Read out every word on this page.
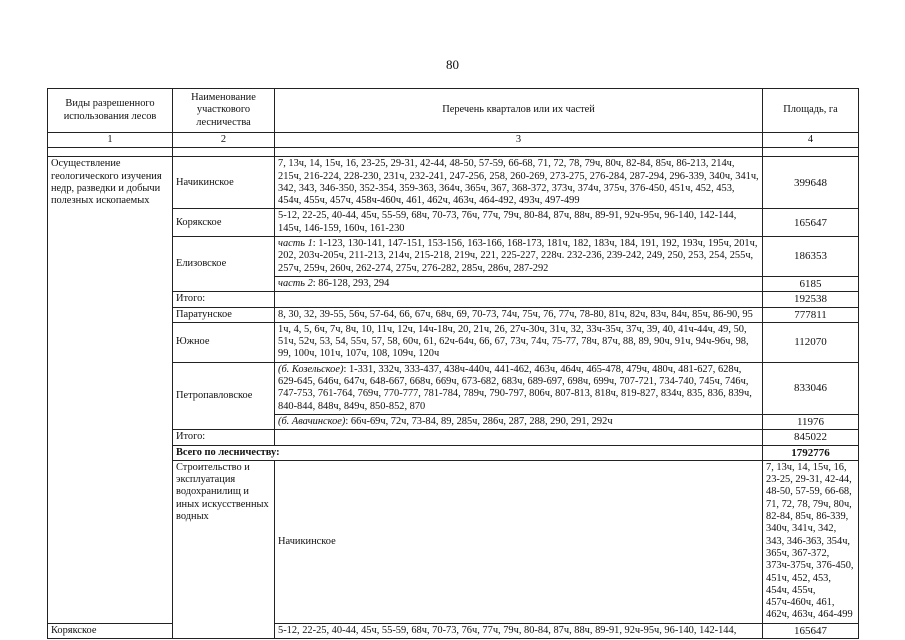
80
Виды разрешенного использования лесов	Наименование участкового лесничества	Перечень кварталов или их частей	Площадь, га	
1	2	3	4	

Осуществление геологического изучения недр, разведки и добычи полезных ископаемых	Начикинское	7, 13ч, 14, 15ч, 16, 23-25, 29-31, 42-44, 48-50, 57-59, 66-68, 71, 72, 78, 79ч, 80ч, 82-84, 85ч, 86-213, 214ч, 215ч, 216-224, 228-230, 231ч, 232-241, 247-256, 258, 260-269, 273-275, 276-284, 287-294, 296-339, 340ч, 341ч, 342, 343, 346-350, 352-354, 359-363, 364ч, 365ч, 367, 368-372, 373ч, 374ч, 375ч, 376-450, 451ч, 452, 453, 454ч, 455ч, 457ч, 458ч-460ч, 461, 462ч, 463ч, 464-492, 493ч, 497-499	399648	
	Корякское	5-12, 22-25, 40-44, 45ч, 55-59, 68ч, 70-73, 76ч, 77ч, 79ч, 80-84, 87ч, 88ч, 89-91, 92ч-95ч, 96-140, 142-144, 145ч, 146-159, 160ч, 161-230	165647	
	Елизовское	часть 1: 1-123, 130-141, 147-151, 153-156, 163-166, 168-173, 181ч, 182, 183ч, 184, 191, 192, 193ч, 195ч, 201ч, 202, 203ч-205ч, 211-213, 214ч, 215-218, 219ч, 221, 225-227, 228ч. 232-236, 239-242, 249, 250, 253, 254, 255ч, 257ч, 259ч, 260ч, 262-274, 275ч, 276-282, 285ч, 286ч, 287-292	186353	
		часть 2: 86-128, 293, 294	6185	
	Итого:		192538	
	Паратунское	8, 30, 32, 39-55, 56ч, 57-64, 66, 67ч, 68ч, 69, 70-73, 74ч, 75ч, 76, 77ч, 78-80, 81ч, 82ч, 83ч, 84ч, 85ч, 86-90, 95	777811	
	Южное	1ч, 4, 5, 6ч, 7ч, 8ч, 10, 11ч, 12ч, 14ч-18ч, 20, 21ч, 26, 27ч-30ч, 31ч, 32, 33ч-35ч, 37ч, 39, 40, 41ч-44ч, 49, 50, 51ч, 52ч, 53, 54, 55ч, 57, 58, 60ч, 61, 62ч-64ч, 66, 67, 73ч, 74ч, 75-77, 78ч, 87ч, 88, 89, 90ч, 91ч, 94ч-96ч, 98, 99, 100ч, 101ч, 107ч, 108, 109ч, 120ч	112070	
	Петропавловское	(б. Козельское): 1-331, 332ч, 333-437, 438ч-440ч, 441-462, 463ч, 464ч, 465-478, 479ч, 480ч, 481-627, 628ч, 629-645, 646ч, 647ч, 648-667, 668ч, 669ч, 673-682, 683ч, 689-697, 698ч, 699ч, 707-721, 734-740, 745ч, 746ч, 747-753, 761-764, 769ч, 770-777, 781-784, 789ч, 790-797, 806ч, 807-813, 818ч, 819-827, 834ч, 835, 836, 839ч, 840-844, 848ч, 849ч, 850-852, 870	833046	
		(б. Авачинское): 66ч-69ч, 72ч, 73-84, 89, 285ч, 286ч, 287, 288, 290, 291, 292ч	11976	
	Итого:		845022	
	Всего по лесничеству:		1792776	
	Строительство и эксплуатация водохранилищ и иных искусственных водных	Начикинское	7, 13ч, 14, 15ч, 16, 23-25, 29-31, 42-44, 48-50, 57-59, 66-68, 71, 72, 78, 79ч, 80ч, 82-84, 85ч, 86-339, 340ч, 341ч, 342, 343, 346-363, 354ч, 365ч, 367-372, 373ч-375ч, 376-450, 451ч, 452, 453, 454ч, 455ч, 457ч-460ч, 461, 462ч, 463ч, 464-499	
Корякское		5-12, 22-25, 40-44, 45ч, 55-59, 68ч, 70-73, 76ч, 77ч, 79ч, 80-84, 87ч, 88ч, 89-91, 92ч-95ч, 96-140, 142-144,	165647	
